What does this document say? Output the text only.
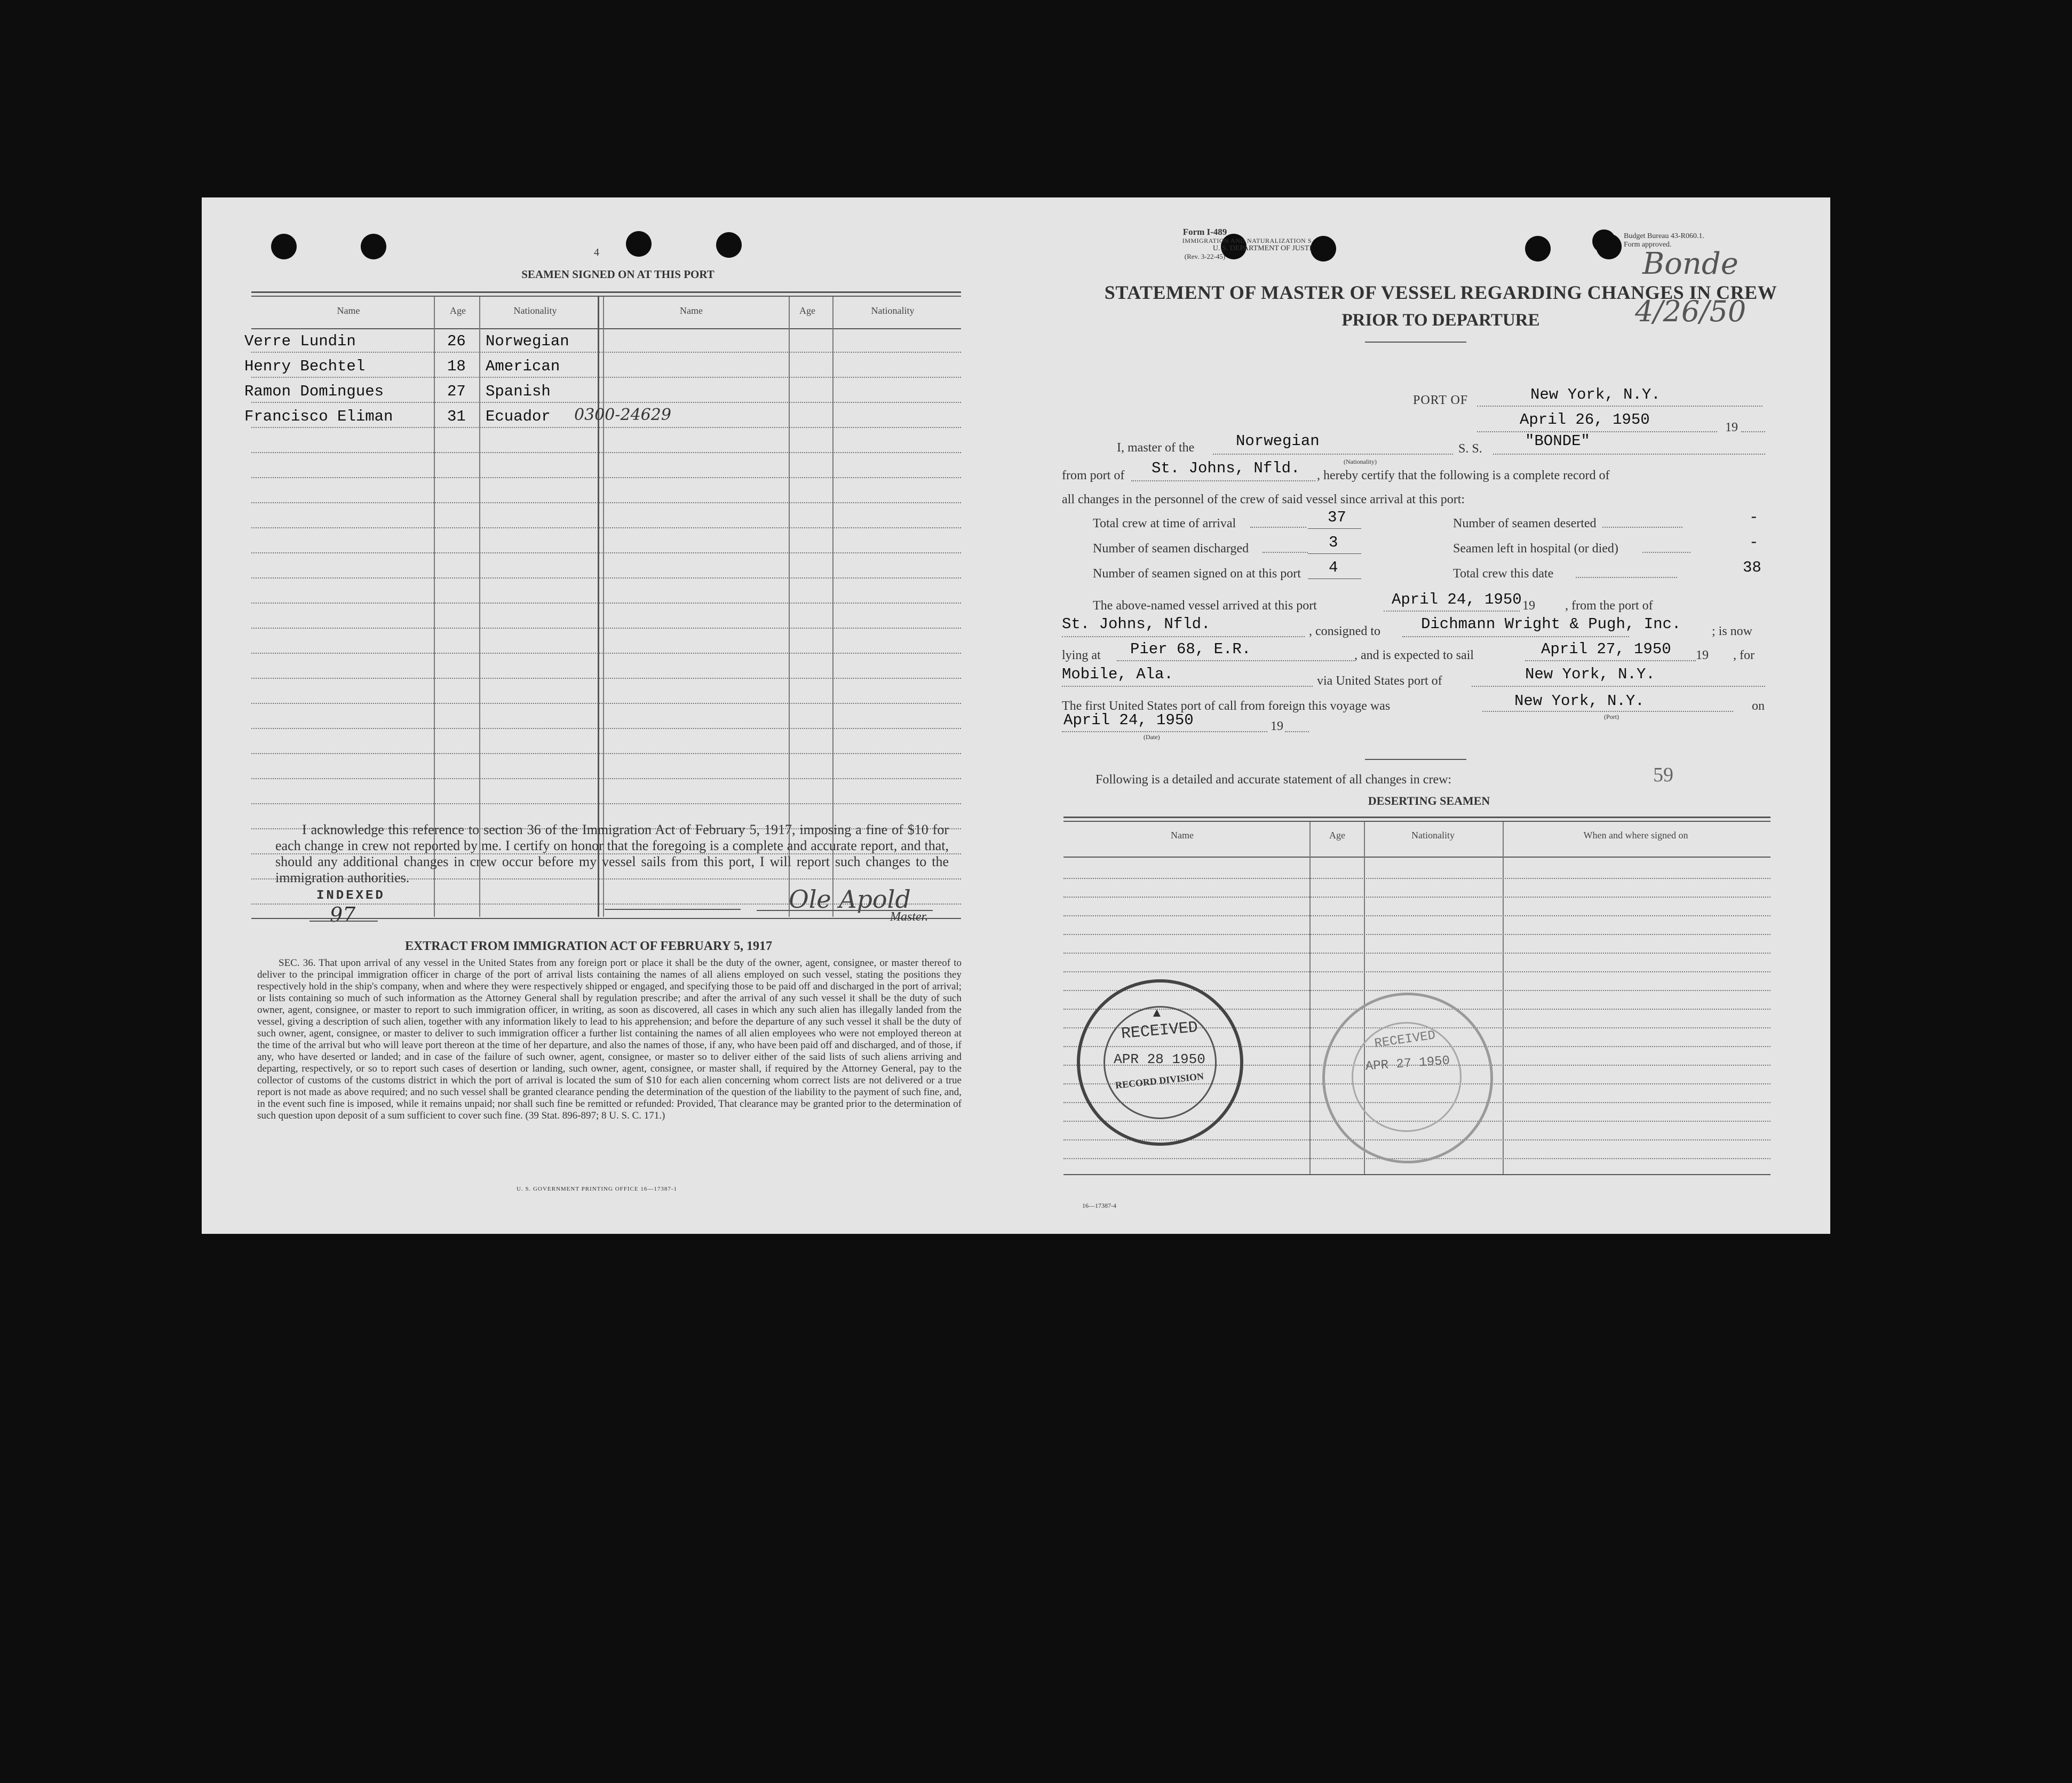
4
SEAMEN SIGNED ON AT THIS PORT
Name	Age	Nationality	Name	Age	Nationality
Verre Lundin	26 Norwegian
Henry Bechtel	18 American
Ramon Domingues	27 Spanish
Francisco Eliman	31 Ecuador 0300-24629
I acknowledge this reference to section 36 of the Immigration Act of February 5, 1917, imposing a fine of $10 for each change in crew not reported by me. I certify on honor that the foregoing is a complete and accurate report, and that, should any additional changes in crew occur before my vessel sails from this port, I will report such changes to the immigration authorities.
INDEXED
97
Ole Apold
Master.
EXTRACT FROM IMMIGRATION ACT OF FEBRUARY 5, 1917
SEC. 36. That upon arrival of any vessel in the United States from any foreign port or place it shall be the duty of the owner, agent, consignee, or master thereof to deliver to the principal immigration officer in charge of the port of arrival lists containing the names of all aliens employed on such vessel, stating the positions they respectively hold in the ship's company, when and where they were respectively shipped or engaged, and specifying those to be paid off and discharged in the port of arrival; or lists containing so much of such information as the Attorney General shall by regulation prescribe; and after the arrival of any such vessel it shall be the duty of such owner, agent, consignee, or master to report to such immigration officer, in writing, as soon as discovered, all cases in which any such alien has illegally landed from the vessel, giving a description of such alien, together with any information likely to lead to his apprehension; and before the departure of any such vessel it shall be the duty of such owner, agent, consignee, or master to deliver to such immigration officer a further list containing the names of all alien employees who were not employed thereon at the time of the arrival but who will leave port thereon at the time of her departure, and also the names of those, if any, who have been paid off and discharged, and of those, if any, who have deserted or landed; and in case of the failure of such owner, agent, consignee, or master so to deliver either of the said lists of such aliens arriving and departing, respectively, or so to report such cases of desertion or landing, such owner, agent, consignee, or master shall, if required by the Attorney General, pay to the collector of customs of the customs district in which the port of arrival is located the sum of $10 for each alien concerning whom correct lists are not delivered or a true report is not made as above required; and no such vessel shall be granted clearance pending the determination of the question of the liability to the payment of such fine, and, in the event such fine is imposed, while it remains unpaid; nor shall such fine be remitted or refunded: Provided, That clearance may be granted prior to the determination of such question upon deposit of a sum sufficient to cover such fine. (39 Stat. 896-897; 8 U. S. C. 171.)
U. S. GOVERNMENT PRINTING OFFICE 16—17387-1
Form I-489
IMMIGRATION AND NATURALIZATION S
U. S. DEPARTMENT OF JUSTI
(Rev. 3-22-45)
Budget Bureau 43-R060.1.
Form approved.
STATEMENT OF MASTER OF VESSEL REGARDING CHANGES IN CREW
PRIOR TO DEPARTURE
Bonde
4/26/50
PORT OF	New York, N.Y.
April 26, 1950	19
I, master of the	Norwegian	S. S.	"BONDE"
(Nationality)
from port of St. Johns, Nfld. , hereby certify that the following is a complete record of
all changes in the personnel of the crew of said vessel since arrival at this port:
Total crew at time of arrival	37	Number of seamen deserted	-
Number of seamen discharged	3	Seamen left in hospital (or died)	-
Number of seamen signed on at this port 4	Total crew this date	38
The above-named vessel arrived at this port	April 24, 1950 19 , from the port of
St. Johns, Nfld.	, consigned to	Dichmann Wright & Pugh, Inc. ; is now
lying at Pier 68, E.R.	, and is expected to sail	April 27, 1950 19 , for
Mobile, Ala.	via United States port of	New York, N.Y.
The first United States port of call from foreign this voyage was	New York, N.Y.	on
(Port)
April 24, 1950	19
(Date)
Following is a detailed and accurate statement of all changes in crew:	59
DESERTING SEAMEN
Name	Age	Nationality	When and where signed on
▲
RECEIVED
APR 28 1950
RECORD DIVISION
RECEIVED
APR 27 1950
16—17387-4
